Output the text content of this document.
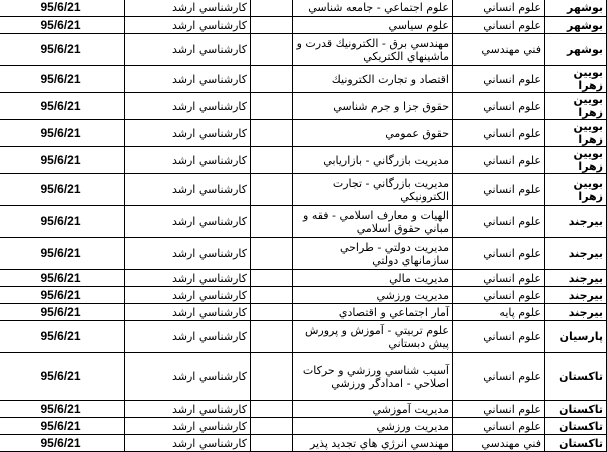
بوشهر	علوم انساني	علوم اجتماعي - جامعه شناسي		كارشناسي ارشد	95/6/21
بوشهر	علوم انساني	علوم سياسي		كارشناسي ارشد	95/6/21
بوشهر	فني مهندسي	مهندسي برق - الكترونيك قدرت و ماشينهاي الكتريكي		كارشناسي ارشد	95/6/21
بويين زهرا	علوم انساني	اقتصاد و تجارت الكترونيك		كارشناسي ارشد	95/6/21
بويين زهرا	علوم انساني	حقوق جزا و جرم شناسي		كارشناسي ارشد	95/6/21
بويين زهرا	علوم انساني	حقوق عمومي		كارشناسي ارشد	95/6/21
بويين زهرا	علوم انساني	مديريت بازرگاني - بازاريابي		كارشناسي ارشد	95/6/21
بويين زهرا	علوم انساني	مديريت بازرگاني - تجارت الكترونيكي		كارشناسي ارشد	95/6/21
بيرجند	علوم انساني	الهيات و معارف اسلامي - فقه و مباني حقوق اسلامي		كارشناسي ارشد	95/6/21
بيرجند	علوم انساني	مديريت دولتي - طراحي سازمانهاي دولتي		كارشناسي ارشد	95/6/21
بيرجند	علوم انساني	مديريت مالي		كارشناسي ارشد	95/6/21
بيرجند	علوم انساني	مديريت ورزشي		كارشناسي ارشد	95/6/21
بيرجند	علوم پايه	آمار اجتماعي و اقتصادي		كارشناسي ارشد	95/6/21
پارسيان	علوم انساني	علوم تربيتي - آموزش و پرورش پيش دبستاني		كارشناسي ارشد	95/6/21
تاكستان	علوم انساني	آسيب شناسي ورزشي و حركات اصلاحي - امدادگر ورزشي		كارشناسي ارشد	95/6/21
تاكستان	علوم انساني	مديريت آموزشي		كارشناسي ارشد	95/6/21
تاكستان	علوم انساني	مديريت ورزشي		كارشناسي ارشد	95/6/21
تاكستان	فني مهندسي	مهندسي انرژي هاي تجديد پذير		كارشناسي ارشد	95/6/21
